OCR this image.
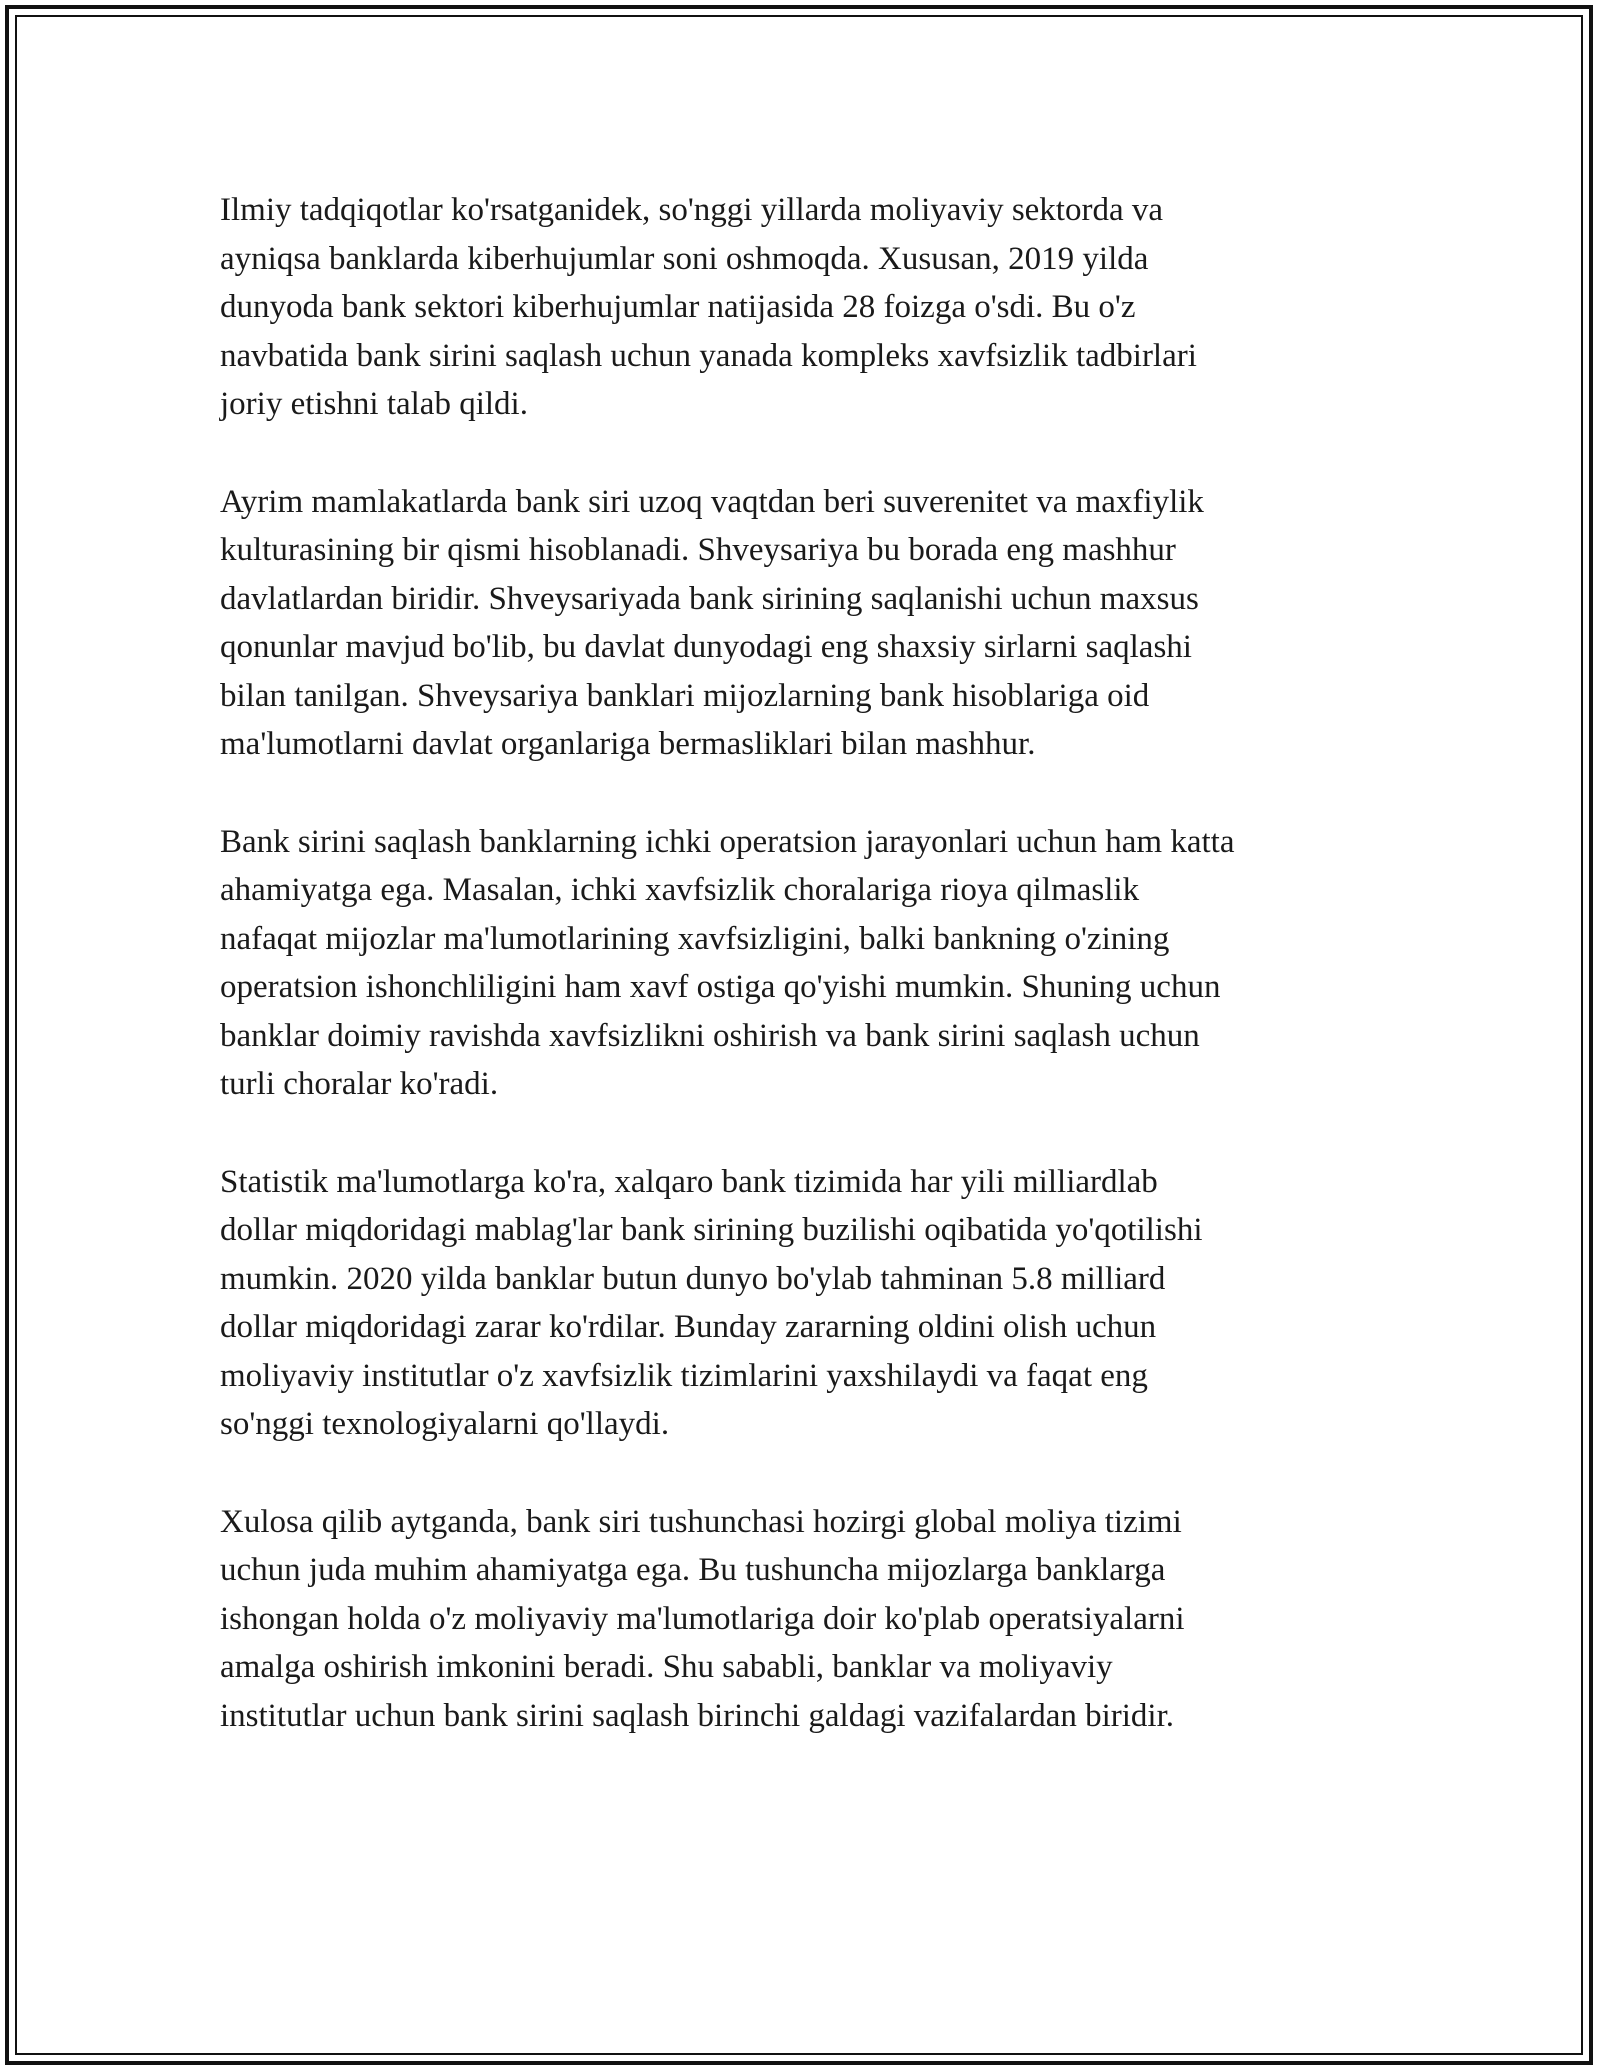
Ilmiy tadqiqotlar ko'rsatganidek, so'nggi yillarda moliyaviy sektorda va
ayniqsa banklarda kiberhujumlar soni oshmoqda. Xususan, 2019 yilda
dunyoda bank sektori kiberhujumlar natijasida 28 foizga o'sdi. Bu o'z
navbatida bank sirini saqlash uchun yanada kompleks xavfsizlik tadbirlari
joriy etishni talab qildi.

Ayrim mamlakatlarda bank siri uzoq vaqtdan beri suverenitet va maxfiylik
kulturasining bir qismi hisoblanadi. Shveysariya bu borada eng mashhur
davlatlardan biridir. Shveysariyada bank sirining saqlanishi uchun maxsus
qonunlar mavjud bo'lib, bu davlat dunyodagi eng shaxsiy sirlarni saqlashi
bilan tanilgan. Shveysariya banklari mijozlarning bank hisoblariga oid
ma'lumotlarni davlat organlariga bermasliklari bilan mashhur.

Bank sirini saqlash banklarning ichki operatsion jarayonlari uchun ham katta
ahamiyatga ega. Masalan, ichki xavfsizlik choralariga rioya qilmaslik
nafaqat mijozlar ma'lumotlarining xavfsizligini, balki bankning o'zining
operatsion ishonchliligini ham xavf ostiga qo'yishi mumkin. Shuning uchun
banklar doimiy ravishda xavfsizlikni oshirish va bank sirini saqlash uchun
turli choralar ko'radi.

Statistik ma'lumotlarga ko'ra, xalqaro bank tizimida har yili milliardlab
dollar miqdoridagi mablag'lar bank sirining buzilishi oqibatida yo'qotilishi
mumkin. 2020 yilda banklar butun dunyo bo'ylab tahminan 5.8 milliard
dollar miqdoridagi zarar ko'rdilar. Bunday zararning oldini olish uchun
moliyaviy institutlar o'z xavfsizlik tizimlarini yaxshilaydi va faqat eng
so'nggi texnologiyalarni qo'llaydi.

Xulosa qilib aytganda, bank siri tushunchasi hozirgi global moliya tizimi
uchun juda muhim ahamiyatga ega. Bu tushuncha mijozlarga banklarga
ishongan holda o'z moliyaviy ma'lumotlariga doir ko'plab operatsiyalarni
amalga oshirish imkonini beradi. Shu sababli, banklar va moliyaviy
institutlar uchun bank sirini saqlash birinchi galdagi vazifalardan biridir.
